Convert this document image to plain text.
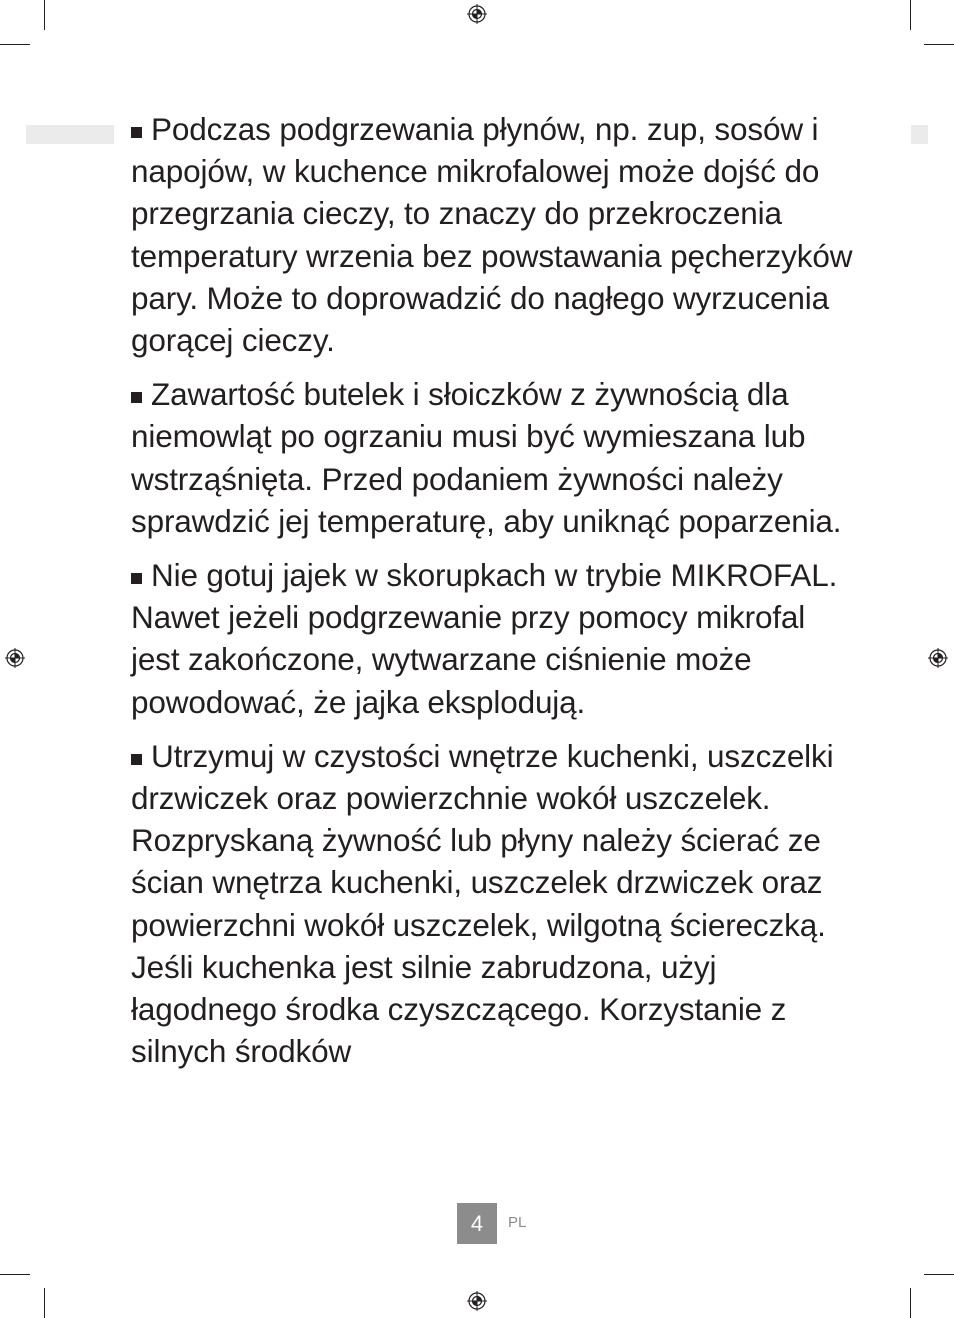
Podczas podgrzewania płynów, np. zup, sosów i napojów, w kuchence mikrofalowej może dojść do przegrzania cieczy, to znaczy do przekroczenia temperatury wrzenia bez powstawania pęcherzyków pary. Może to doprowadzić do nagłego wyrzucenia gorącej cieczy.

Zawartość butelek i słoiczków z żywnością dla niemowląt po ogrzaniu musi być wymieszana lub wstrząśnięta. Przed podaniem żywności należy sprawdzić jej temperaturę, aby uniknąć poparzenia.

Nie gotuj jajek w skorupkach w trybie MIKROFAL. Nawet jeżeli podgrzewanie przy pomocy mikrofal jest zakończone, wytwarzane ciśnienie może powodować, że jajka eksplodują.

Utrzymuj w czystości wnętrze kuchenki, uszczelki drzwiczek oraz powierzchnie wokół uszczelek. Rozpryskaną żywność lub płyny należy ścierać ze ścian wnętrza kuchenki, uszczelek drzwiczek oraz powierzchni wokół uszczelek, wilgotną ściereczką. Jeśli kuchenka jest silnie zabrudzona, użyj łagodnego środka czyszczącego. Korzystanie z silnych środków

4	PL
